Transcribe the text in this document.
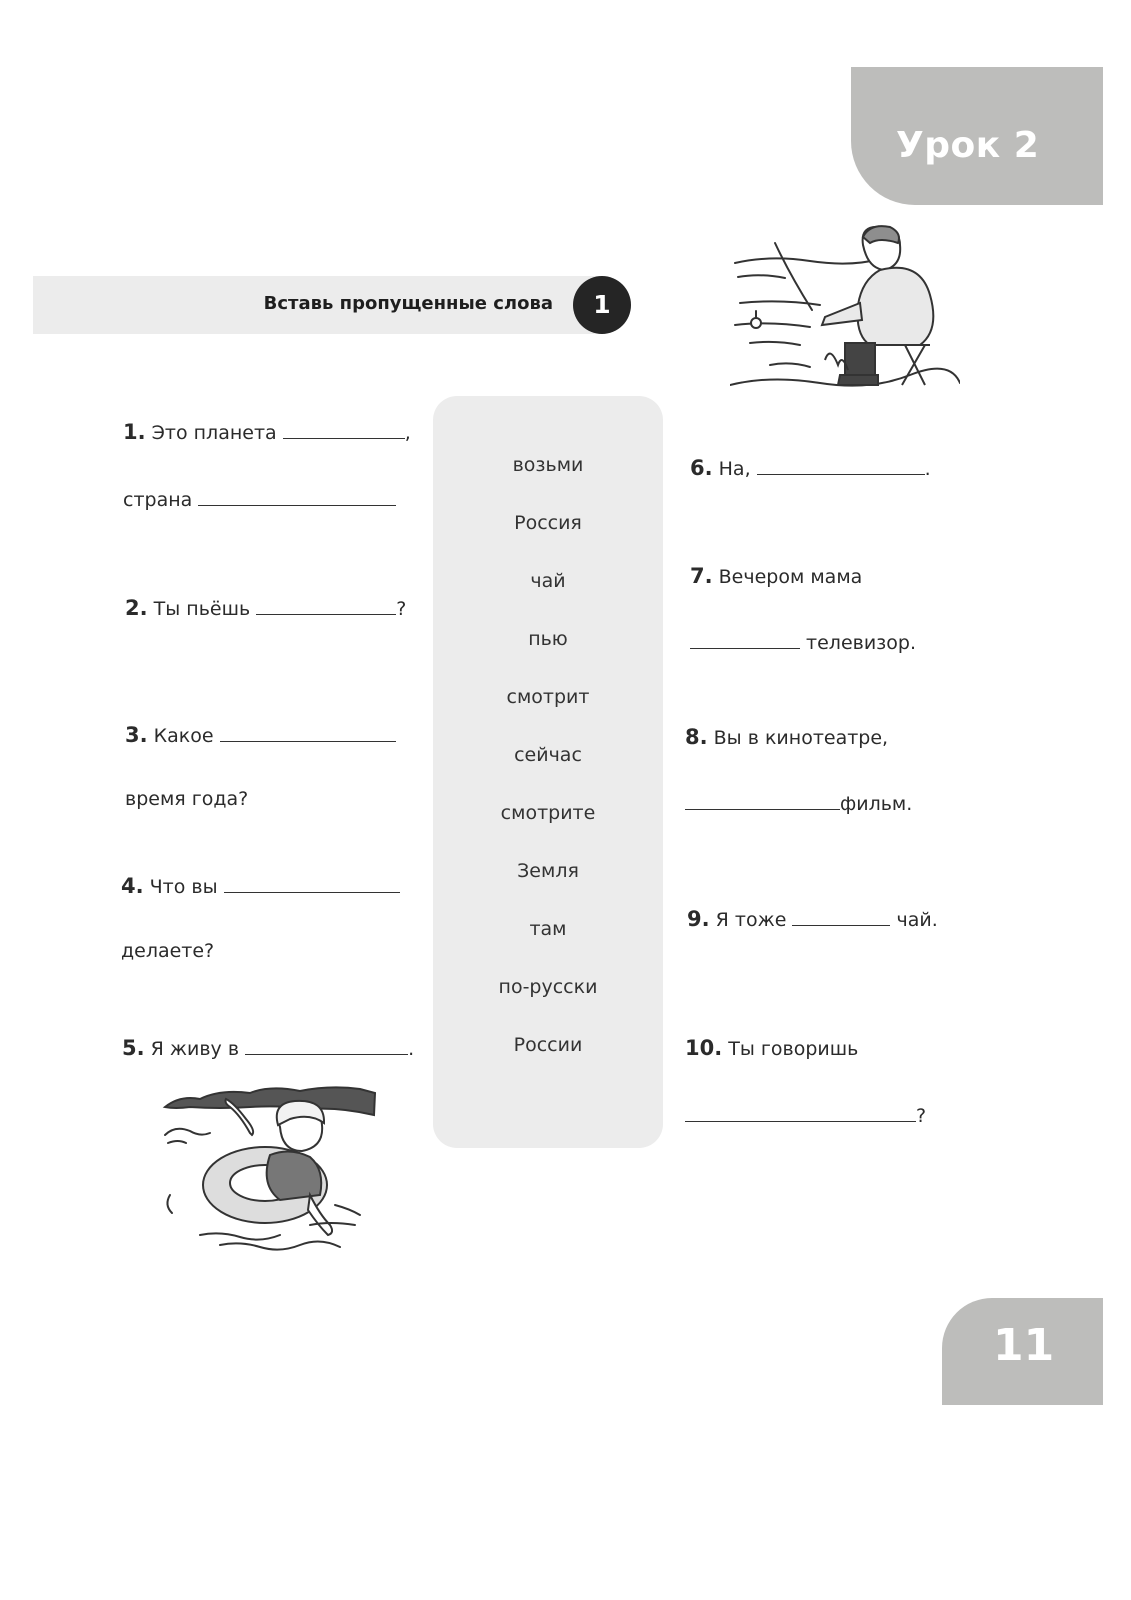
Урок 2
Вставь пропущенные слова	1
возьми
Россия
чай
пью
смотрит
сейчас
смотрите
Земля
там
по-русски
России
1. Это планета	,
страна
2. Ты пьёшь	?
3. Какое
время года?
4. Что вы
делаете?
5. Я живу в	.
6. На,	.
7. Вечером мама
телевизор.
8. Вы в кинотеатре,
фильм.
9. Я тоже	чай.
10. Ты говоришь
?
11
